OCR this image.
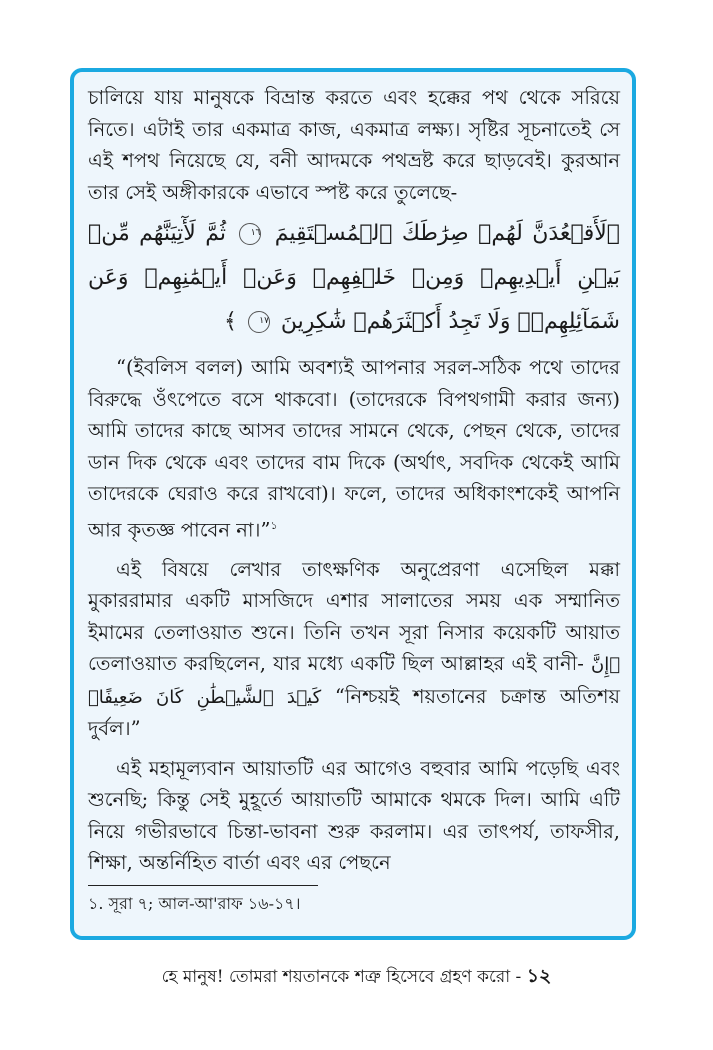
চালিয়ে যায় মানুষকে বিভ্রান্ত করতে এবং হক্কের পথ থেকে সরিয়ে নিতে। এটাই তার একমাত্র কাজ, একমাত্র লক্ষ্য। সৃষ্টির সূচনাতেই সে এই শপথ নিয়েছে যে, বনী আদমকে পথভ্রষ্ট করে ছাড়বেই। কুরআন তার সেই অঙ্গীকারকে এভাবে স্পষ্ট করে তুলেছে-

﴿لَأَقۡعُدَنَّ لَهُمۡ صِرَٰطَكَ ٱلۡمُسۡتَقِيمَ ١٦ ثُمَّ لَأٓتِيَنَّهُم مِّنۢ بَيۡنِ أَيۡدِيهِمۡ وَمِنۡ خَلۡفِهِمۡ وَعَنۡ أَيۡمَٰنِهِمۡ وَعَن شَمَآئِلِهِمۡۖ وَلَا تَجِدُ أَكۡثَرَهُمۡ شَٰكِرِينَ ١٧ ﴾

“(ইবলিস বলল) আমি অবশ্যই আপনার সরল-সঠিক পথে তাদের বিরুদ্ধে ওঁৎপেতে বসে থাকবো। (তাদেরকে বিপথগামী করার জন্য) আমি তাদের কাছে আসব তাদের সামনে থেকে, পেছন থেকে, তাদের ডান দিক থেকে এবং তাদের বাম দিকে (অর্থাৎ, সবদিক থেকেই আমি তাদেরকে ঘেরাও করে রাখবো)। ফলে, তাদের অধিকাংশকেই আপনি আর কৃতজ্ঞ পাবেন না।”$^১$

এই বিষয়ে লেখার তাৎক্ষণিক অনুপ্রেরণা এসেছিল মক্কা মুকাররামার একটি মাসজিদে এশার সালাতের সময় এক সম্মানিত ইমামের তেলাওয়াত শুনে। তিনি তখন সূরা নিসার কয়েকটি আয়াত তেলাওয়াত করছিলেন, যার মধ্যে একটি ছিল আল্লাহর এই বানী- ﴿إِنَّ كَيۡدَ ٱلشَّيۡطَٰنِ كَانَ ضَعِيفًا﴾ “নিশ্চয়ই শয়তানের চক্রান্ত অতিশয় দুর্বল।”

এই মহামূল্যবান আয়াতটি এর আগেও বহুবার আমি পড়েছি এবং শুনেছি; কিন্তু সেই মুহূর্তে আয়াতটি আমাকে থমকে দিল। আমি এটি নিয়ে গভীরভাবে চিন্তা-ভাবনা শুরু করলাম। এর তাৎপর্য, তাফসীর, শিক্ষা, অন্তর্নিহিত বার্তা এবং এর পেছনে

১. সূরা ৭; আল-আ'রাফ ১৬-১৭।

হে মানুষ! তোমরা শয়তানকে শত্রু হিসেবে গ্রহণ করো - ১২
